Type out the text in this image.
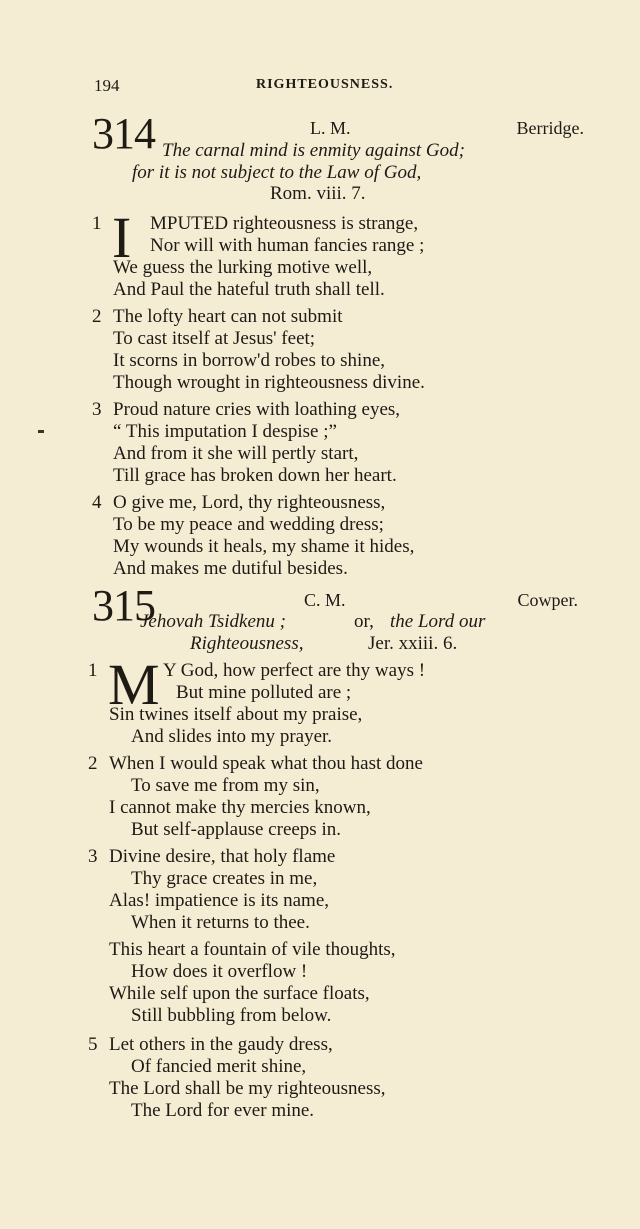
194	RIGHTEOUSNESS.
314	L. M.	Berridge.
The carnal mind is enmity against God;
for it is not subject to the Law of God,
Rom. viii. 7.
1 I MPUTED righteousness is strange,
Nor will with human fancies range ;
We guess the lurking motive well,
And Paul the hateful truth shall tell.
2 The lofty heart can not submit
To cast itself at Jesus' feet;
It scorns in borrow'd robes to shine,
Though wrought in righteousness divine.
3 Proud nature cries with loathing eyes,
“ This imputation I despise ;”
And from it she will pertly start,
Till grace has broken down her heart.
4 O give me, Lord, thy righteousness,
To be my peace and wedding dress;
My wounds it heals, my shame it hides,
And makes me dutiful besides.
315	C. M.	Cowper.
Jehovah Tsidkenu ;	or, the Lord our
Righteousness,	Jer. xxiii. 6.
1 M Y God, how perfect are thy ways !
But mine polluted are ;
Sin twines itself about my praise,
And slides into my prayer.
2 When I would speak what thou hast done
To save me from my sin,
I cannot make thy mercies known,
But self-applause creeps in.
3 Divine desire, that holy flame
Thy grace creates in me,
Alas! impatience is its name,
When it returns to thee.
This heart a fountain of vile thoughts,
How does it overflow !
While self upon the surface floats,
Still bubbling from below.
5 Let others in the gaudy dress,
Of fancied merit shine,
The Lord shall be my righteousness,
The Lord for ever mine.
